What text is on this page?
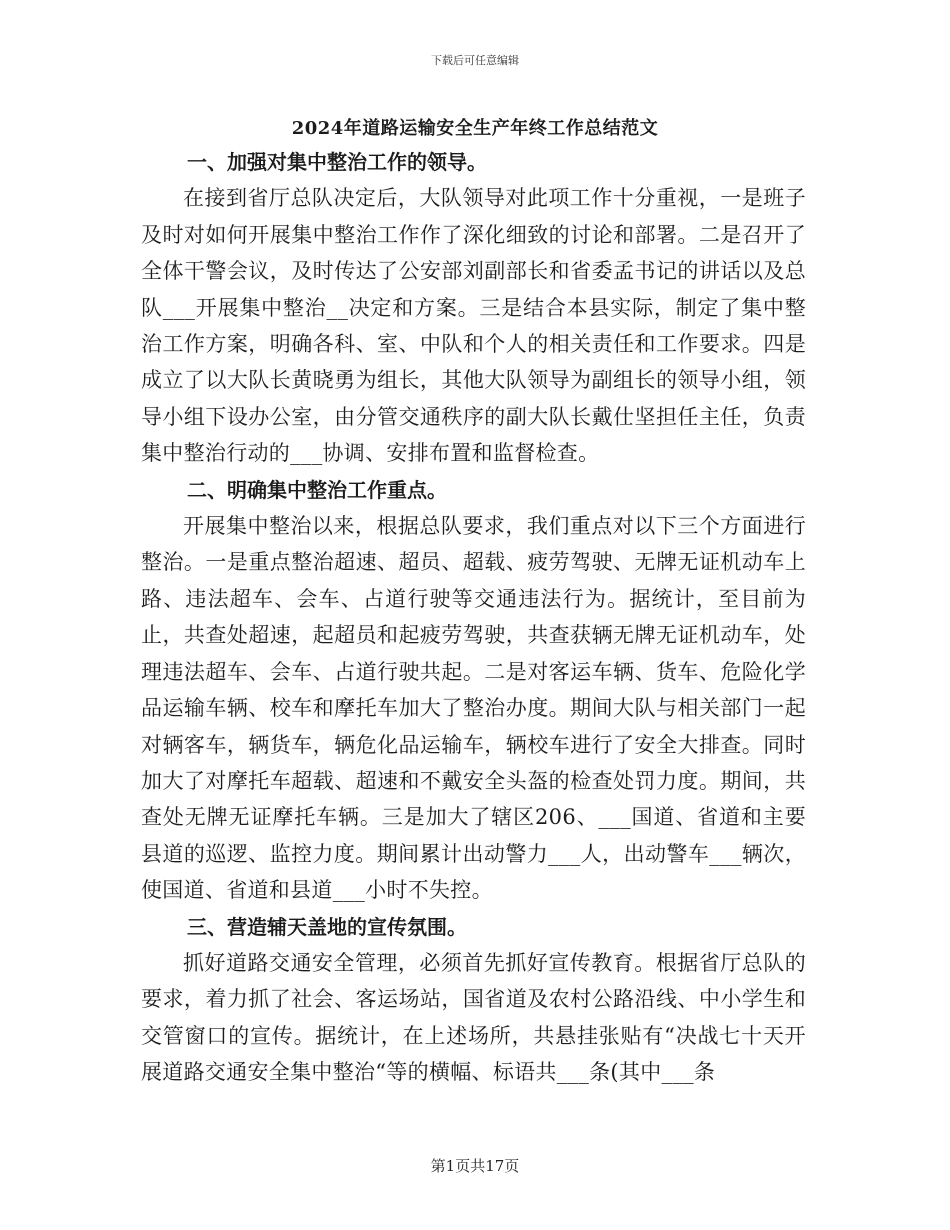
下载后可任意编辑
2024年道路运输安全生产年终工作总结范文
一、加强对集中整治工作的领导。

在接到省厅总队决定后，大队领导对此项工作十分重视，一是班子及时对如何开展集中整治工作作了深化细致的讨论和部署。二是召开了全体干警会议，及时传达了公安部刘副部长和省委孟书记的讲话以及总队___开展集中整治__决定和方案。三是结合本县实际，制定了集中整治工作方案，明确各科、室、中队和个人的相关责任和工作要求。四是成立了以大队长黄晓勇为组长，其他大队领导为副组长的领导小组，领导小组下设办公室，由分管交通秩序的副大队长戴仕坚担任主任，负责集中整治行动的___协调、安排布置和监督检查。

二、明确集中整治工作重点。

开展集中整治以来，根据总队要求，我们重点对以下三个方面进行整治。一是重点整治超速、超员、超载、疲劳驾驶、无牌无证机动车上路、违法超车、会车、占道行驶等交通违法行为。据统计，至目前为止，共查处超速，起超员和起疲劳驾驶，共查获辆无牌无证机动车，处理违法超车、会车、占道行驶共起。二是对客运车辆、货车、危险化学品运输车辆、校车和摩托车加大了整治办度。期间大队与相关部门一起对辆客车，辆货车，辆危化品运输车，辆校车进行了安全大排查。同时加大了对摩托车超载、超速和不戴安全头盔的检查处罚力度。期间，共查处无牌无证摩托车辆。三是加大了辖区206、___国道、省道和主要县道的巡逻、监控力度。期间累计出动警力___人，出动警车___辆次，使国道、省道和县道___小时不失控。

三、营造辅天盖地的宣传氛围。

抓好道路交通安全管理，必须首先抓好宣传教育。根据省厅总队的要求，着力抓了社会、客运场站，国省道及农村公路沿线、中小学生和交管窗口的宣传。据统计，在上述场所，共悬挂张贴有“决战七十天开展道路交通安全集中整治“等的横幅、标语共___条(其中___条

第1页共17页
